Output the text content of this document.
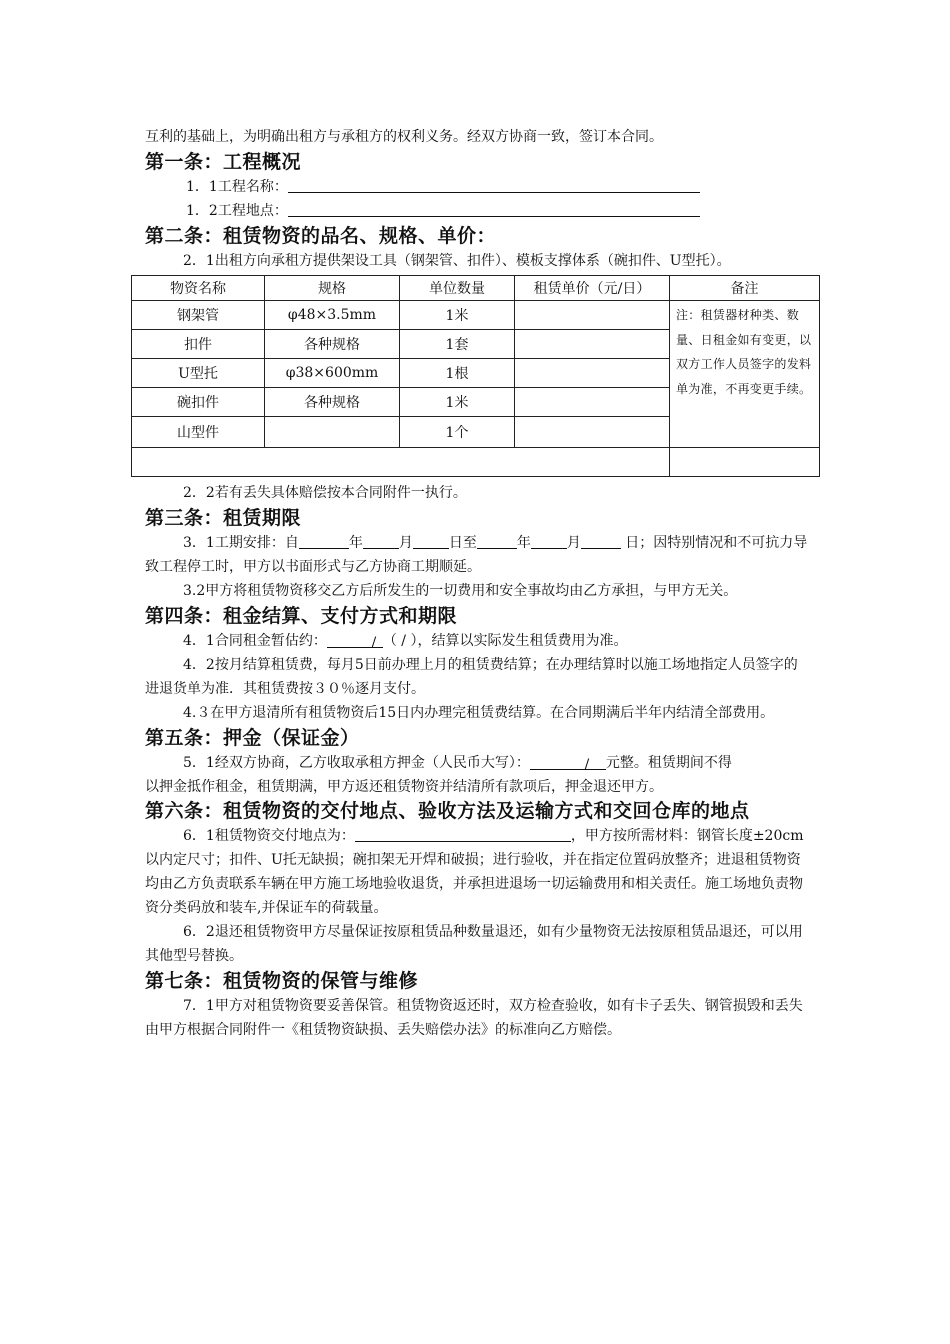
互利的基础上，为明确出租方与承租方的权利义务。经双方协商一致，签订本合同。

第一条：工程概况

1．1工程名称：

1．2工程地点：

第二条：租赁物资的品名、规格、单价：

2．1出租方向承租方提供架设工具（钢架管、扣件）、模板支撑体系（碗扣件、U型托）。

物资名称	规格	单位数量	租赁单价（元/日）	备注
钢架管	φ48×3.5mm	1米		注：租赁器材种类、数量、日租金如有变更，以双方工作人员签字的发料单为准，不再变更手续。
扣件	各种规格	1套		
U型托	φ38×600mm	1根		
碗扣件	各种规格	1米		
山型件		1个		

2．2若有丢失具体赔偿按本合同附件一执行。

第三条：租赁期限

3．1工期安排：自	年	月	日至	年	月	日；因特别情况和不可抗力导致工程停工时，甲方以书面形式与乙方协商工期顺延。

3.2甲方将租赁物资移交乙方后所发生的一切费用和安全事故均由乙方承担，与甲方无关。

第四条：租金结算、支付方式和期限

4．1合同租金暂估约：	/ （ / ），结算以实际发生租赁费用为准。

4．2按月结算租赁费，每月5日前办理上月的租赁费结算；在办理结算时以施工场地指定人员签字的进退货单为准．其租赁费按３０％逐月支付。

4.３在甲方退清所有租赁物资后15日内办理完租赁费结算。在合同期满后半年内结清全部费用。

第五条：押金（保证金）

5．1经双方协商，乙方收取承租方押金（人民币大写）：	/ 元整。租赁期间不得

以押金抵作租金，租赁期满，甲方返还租赁物资并结清所有款项后，押金退还甲方。

第六条：租赁物资的交付地点、验收方法及运输方式和交回仓库的地点

6．1租赁物资交付地点为：	，甲方按所需材料：钢管长度±20cm以内定尺寸；扣件、U托无缺损；碗扣架无开焊和破损；进行验收，并在指定位置码放整齐；进退租赁物资均由乙方负责联系车辆在甲方施工场地验收退货，并承担进退场一切运输费用和相关责任。施工场地负责物资分类码放和装车,并保证车的荷载量。

6．2退还租赁物资甲方尽量保证按原租赁品种数量退还，如有少量物资无法按原租赁品退还，可以用其他型号替换。

第七条：租赁物资的保管与维修

7．1甲方对租赁物资要妥善保管。租赁物资返还时，双方检查验收，如有卡子丢失、钢管损毁和丢失由甲方根据合同附件一《租赁物资缺损、丢失赔偿办法》的标准向乙方赔偿。
